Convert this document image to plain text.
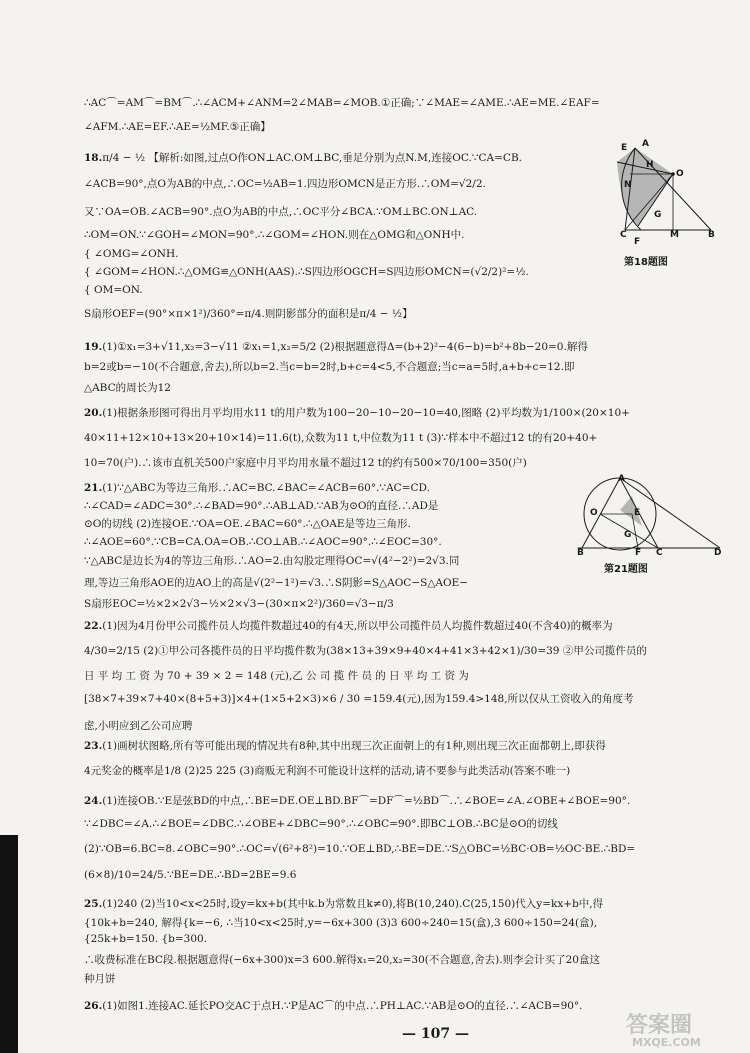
∴AC⌒=AM⌒=BM⌒.∴∠ACM+∠ANM=2∠MAB=∠MOB.①正确;∵∠MAE=∠AME.∴AE=ME.∠EAF=
∠AFM.∴AE=EF.∴AE=½MF.⑤正确】
18.π/4 − ½ 【解析:如图,过点O作ON⊥AC.OM⊥BC,垂足分别为点N.M,连接OC.∵CA=CB.
∠ACB=90°,点O为AB的中点,∴OC=½AB=1.四边形OMCN是正方形.∴OM=√2/2.
又∵OA=OB.∠ACB=90°.点O为AB的中点,∴OC平分∠BCA.∵OM⊥BC.ON⊥AC.
∴OM=ON.∵∠GOH=∠MON=90°.∴∠GOM=∠HON.则在△OMG和△ONH中.
{ ∠OMG=∠ONH.
{ ∠GOM=∠HON.∴△OMG≌△ONH(AAS).∴S四边形OGCH=S四边形OMCN=(√2/2)²=½.
{ OM=ON.
S扇形OEF=(90°×π×1²)/360°=π/4.则阴影部分的面积是π/4 − ½】
19.(1)①x₁=3+√11,x₂=3−√11 ②x₁=1,x₂=5/2 (2)根据题意得Δ=(b+2)²−4(6−b)=b²+8b−20=0.解得
b=2或b=−10(不合题意,舍去),所以b=2.当c=b=2时,b+c=4<5,不合题意;当c=a=5时,a+b+c=12.即
△ABC的周长为12
20.(1)根据条形图可得出月平均用水11 t的用户数为100−20−10−20−10=40,图略 (2)平均数为1/100×(20×10+
40×11+12×10+13×20+10×14)=11.6(t),众数为11 t,中位数为11 t (3)∵样本中不超过12 t的有20+40+
10=70(户).∴该市直机关500户家庭中月平均用水量不超过12 t的约有500×70/100=350(户)
21.(1)∵△ABC为等边三角形.∴AC=BC.∠BAC=∠ACB=60°.∵AC=CD.
∴∠CAD=∠ADC=30°.∴∠BAD=90°.∴AB⊥AD.∵AB为⊙O的直径.∴AD是
⊙O的切线 (2)连接OE.∵OA=OE.∠BAC=60°.∴△OAE是等边三角形.
∴∠AOE=60°.∵CB=CA.OA=OB.∴CO⊥AB.∴∠AOC=90°.∴∠EOC=30°.
∵△ABC是边长为4的等边三角形.∴AO=2.由勾股定理得OC=√(4²−2²)=2√3.同
理,等边三角形AOE的边AO上的高是√(2²−1²)=√3.∴S阴影=S△AOC−S△AOE−
S扇形EOC=½×2×2√3−½×2×√3−(30×π×2²)/360=√3−π/3
22.(1)因为4月份甲公司揽件员人均揽件数超过40的有4天,所以甲公司揽件员人均揽件数超过40(不含40)的概率为
4/30=2/15 (2)①甲公司各揽件员的日平均揽件数为(38×13+39×9+40×4+41×3+42×1)/30=39 ②甲公司揽件员的
日 平 均 工 资 为 70 + 39 × 2 = 148 (元),乙 公 司 揽 件 员 的 日 平 均 工 资 为
[38×7+39×7+40×(8+5+3)]×4+(1×5+2×3)×6 / 30 =159.4(元),因为159.4>148,所以仅从工资收入的角度考
虑,小明应到乙公司应聘
23.(1)画树状图略,所有等可能出现的情况共有8种,其中出现三次正面朝上的有1种,则出现三次正面都朝上,即获得
4元奖金的概率是1/8 (2)25 225 (3)商贩无利润不可能设计这样的活动,请不要参与此类活动(答案不唯一)
24.(1)连接OB.∵E是弦BD的中点,∴BE=DE.OE⊥BD.BF⌒=DF⌒=½BD⌒.∴∠BOE=∠A.∠OBE+∠BOE=90°.
∵∠DBC=∠A.∴∠BOE=∠DBC.∴∠OBE+∠DBC=90°.∴∠OBC=90°.即BC⊥OB.∴BC是⊙O的切线
(2)∵OB=6.BC=8.∠OBC=90°.∴OC=√(6²+8²)=10.∵OE⊥BD,∴BE=DE.∵S△OBC=½BC·OB=½OC·BE.∴BD=
(6×8)/10=24/5.∵BE=DE.∴BD=2BE=9.6
25.(1)240 (2)当10<x<25时,设y=kx+b(其中k.b为常数且k≠0),将B(10,240).C(25,150)代入y=kx+b中,得
{10k+b=240, 解得{k=−6, ∴当10<x<25时,y=−6x+300 (3)3 600÷240=15(盒),3 600÷150=24(盒),
{25k+b=150. {b=300.
∴收费标准在BC段.根据题意得(−6x+300)x=3 600.解得x₁=20,x₂=30(不合题意,舍去).则李会计买了20盒这
种月饼
26.(1)如图1.连接AC.延长PO交AC于点H.∵P是AC⌒的中点.∴PH⊥AC.∵AB是⊙O的直径.∴∠ACB=90°.
E A
H
N
O
G
C	M
F
B
第18题图
A
O	E
G
B	F C	D
第21题图
— 107 —	答案圈
MXQE.COM
